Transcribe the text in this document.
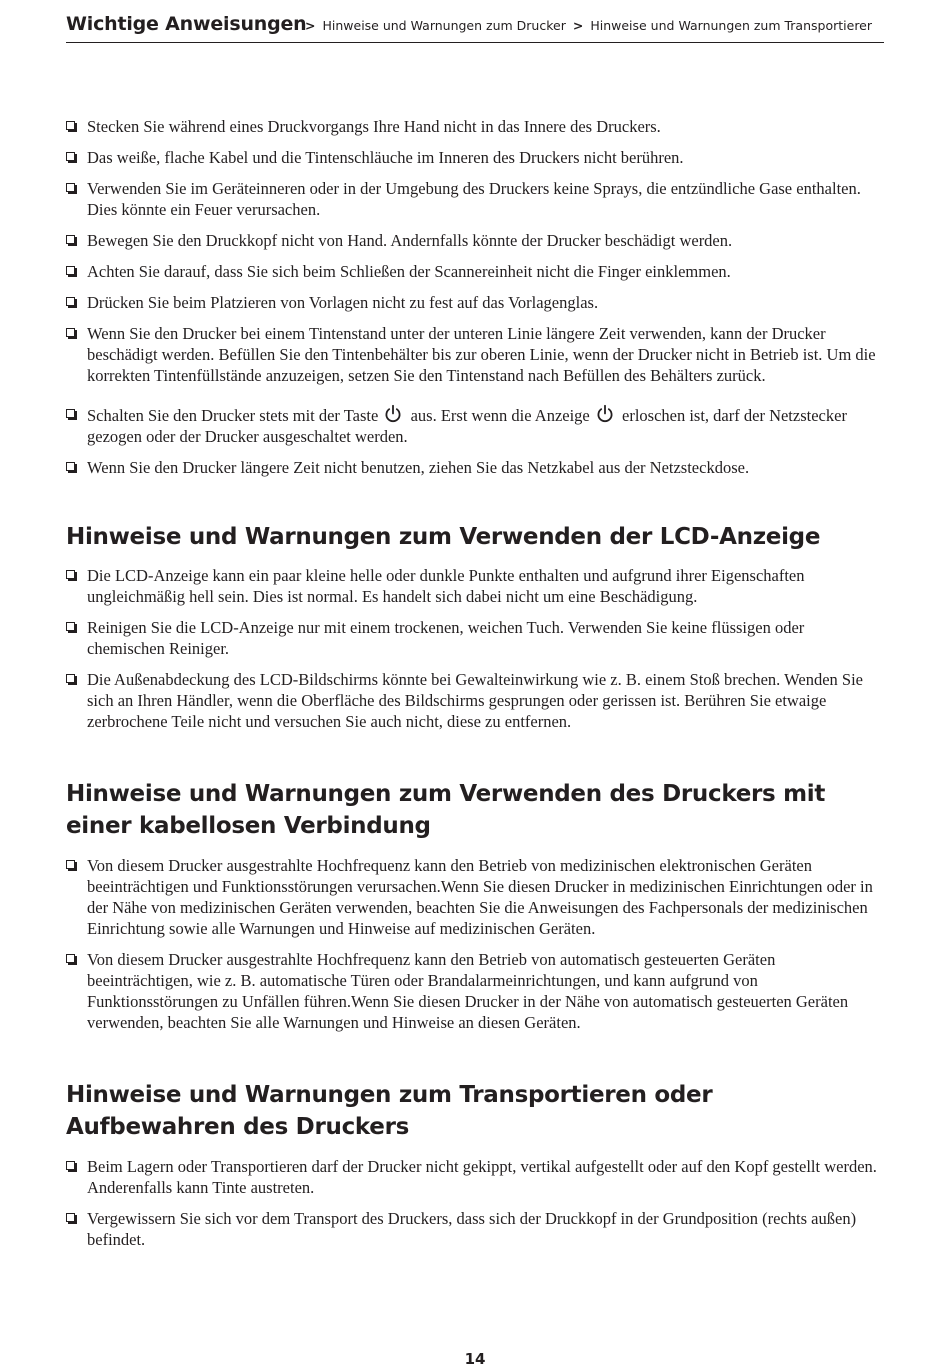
Wichtige Anweisungen
> Hinweise und Warnungen zum Drucker > Hinweise und Warnungen zum Transportierer
Stecken Sie während eines Druckvorgangs Ihre Hand nicht in das Innere des Druckers.
Das weiße, flache Kabel und die Tintenschläuche im Inneren des Druckers nicht berühren.
Verwenden Sie im Geräteinneren oder in der Umgebung des Druckers keine Sprays, die entzündliche Gase enthalten. Dies könnte ein Feuer verursachen.
Bewegen Sie den Druckkopf nicht von Hand. Andernfalls könnte der Drucker beschädigt werden.
Achten Sie darauf, dass Sie sich beim Schließen der Scannereinheit nicht die Finger einklemmen.
Drücken Sie beim Platzieren von Vorlagen nicht zu fest auf das Vorlagenglas.
Wenn Sie den Drucker bei einem Tintenstand unter der unteren Linie längere Zeit verwenden, kann der Drucker beschädigt werden. Befüllen Sie den Tintenbehälter bis zur oberen Linie, wenn der Drucker nicht in Betrieb ist. Um die korrekten Tintenfüllstände anzuzeigen, setzen Sie den Tintenstand nach Befüllen des Behälters zurück.
Schalten Sie den Drucker stets mit der Taste  aus. Erst wenn die Anzeige  erloschen ist, darf der Netzstecker gezogen oder der Drucker ausgeschaltet werden.
Wenn Sie den Drucker längere Zeit nicht benutzen, ziehen Sie das Netzkabel aus der Netzsteckdose.
Hinweise und Warnungen zum Verwenden der LCD-Anzeige
Die LCD-Anzeige kann ein paar kleine helle oder dunkle Punkte enthalten und aufgrund ihrer Eigenschaften ungleichmäßig hell sein. Dies ist normal. Es handelt sich dabei nicht um eine Beschädigung.
Reinigen Sie die LCD-Anzeige nur mit einem trockenen, weichen Tuch. Verwenden Sie keine flüssigen oder chemischen Reiniger.
Die Außenabdeckung des LCD-Bildschirms könnte bei Gewalteinwirkung wie z. B. einem Stoß brechen. Wenden Sie sich an Ihren Händler, wenn die Oberfläche des Bildschirms gesprungen oder gerissen ist. Berühren Sie etwaige zerbrochene Teile nicht und versuchen Sie auch nicht, diese zu entfernen.
Hinweise und Warnungen zum Verwenden des Druckers mit einer kabellosen Verbindung
Von diesem Drucker ausgestrahlte Hochfrequenz kann den Betrieb von medizinischen elektronischen Geräten beeinträchtigen und Funktionsstörungen verursachen.Wenn Sie diesen Drucker in medizinischen Einrichtungen oder in der Nähe von medizinischen Geräten verwenden, beachten Sie die Anweisungen des Fachpersonals der medizinischen Einrichtung sowie alle Warnungen und Hinweise auf medizinischen Geräten.
Von diesem Drucker ausgestrahlte Hochfrequenz kann den Betrieb von automatisch gesteuerten Geräten beeinträchtigen, wie z. B. automatische Türen oder Brandalarmeinrichtungen, und kann aufgrund von Funktionsstörungen zu Unfällen führen.Wenn Sie diesen Drucker in der Nähe von automatisch gesteuerten Geräten verwenden, beachten Sie alle Warnungen und Hinweise an diesen Geräten.
Hinweise und Warnungen zum Transportieren oder Aufbewahren des Druckers
Beim Lagern oder Transportieren darf der Drucker nicht gekippt, vertikal aufgestellt oder auf den Kopf gestellt werden. Anderenfalls kann Tinte austreten.
Vergewissern Sie sich vor dem Transport des Druckers, dass sich der Druckkopf in der Grundposition (rechts außen) befindet.
14
